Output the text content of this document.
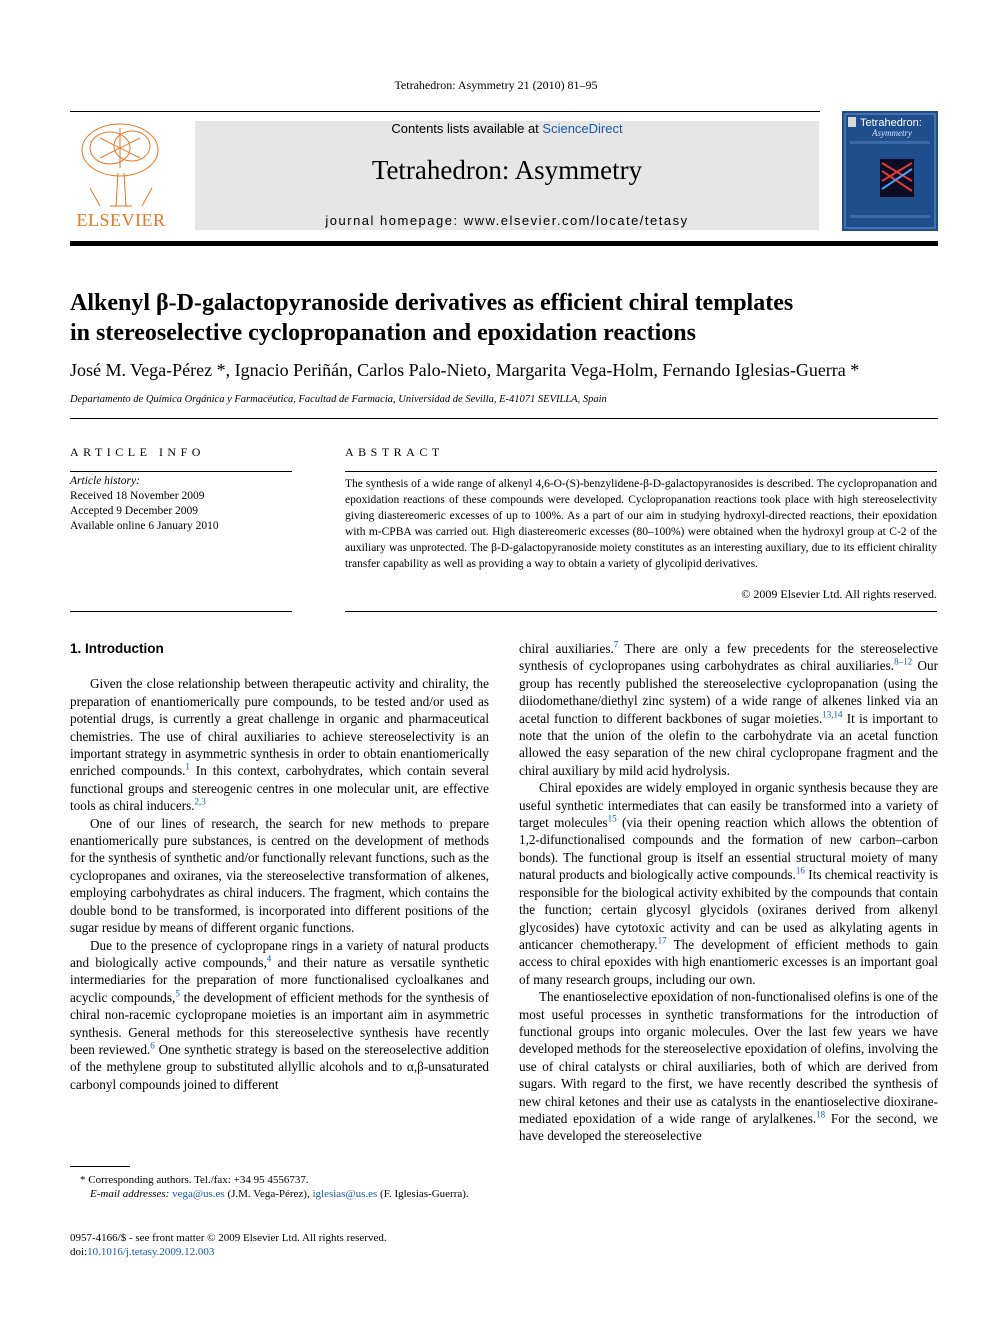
Tetrahedron: Asymmetry 21 (2010) 81–95
ELSEVIER
Contents lists available at ScienceDirect
Tetrahedron: Asymmetry
journal homepage: www.elsevier.com/locate/tetasy
Tetrahedron:
Asymmetry
Alkenyl β-D-galactopyranoside derivatives as efficient chiral templates
in stereoselective cyclopropanation and epoxidation reactions
José M. Vega-Pérez *, Ignacio Periñán, Carlos Palo-Nieto, Margarita Vega-Holm, Fernando Iglesias-Guerra *
Departamento de Química Orgánica y Farmacéutica, Facultad de Farmacia, Universidad de Sevilla, E-41071 SEVILLA, Spain
ARTICLE INFO
Article history:
Received 18 November 2009
Accepted 9 December 2009
Available online 6 January 2010
ABSTRACT
The synthesis of a wide range of alkenyl 4,6-O-(S)-benzylidene-β-D-galactopyranosides is described. The cyclopropanation and epoxidation reactions of these compounds were developed. Cyclopropanation reactions took place with high stereoselectivity giving diastereomeric excesses of up to 100%. As a part of our aim in studying hydroxyl-directed reactions, their epoxidation with m-CPBA was carried out. High diastereomeric excesses (80–100%) were obtained when the hydroxyl group at C-2 of the auxiliary was unprotected. The β-D-galactopyranoside moiety constitutes as an interesting auxiliary, due to its efficient chirality transfer capability as well as providing a way to obtain a variety of glycolipid derivatives.
© 2009 Elsevier Ltd. All rights reserved.
1. Introduction

Given the close relationship between therapeutic activity and chirality, the preparation of enantiomerically pure compounds, to be tested and/or used as potential drugs, is currently a great challenge in organic and pharmaceutical chemistries. The use of chiral auxiliaries to achieve stereoselectivity is an important strategy in asymmetric synthesis in order to obtain enantiomerically enriched compounds.$^1$ In this context, carbohydrates, which contain several functional groups and stereogenic centres in one molecular unit, are effective tools as chiral inducers.$^{2,3}$

One of our lines of research, the search for new methods to prepare enantiomerically pure substances, is centred on the development of methods for the synthesis of synthetic and/or functionally relevant functions, such as the cyclopropanes and oxiranes, via the stereoselective transformation of alkenes, employing carbohydrates as chiral inducers. The fragment, which contains the double bond to be transformed, is incorporated into different positions of the sugar residue by means of different organic functions.

Due to the presence of cyclopropane rings in a variety of natural products and biologically active compounds,$^4$ and their nature as versatile synthetic intermediaries for the preparation of more functionalised cycloalkanes and acyclic compounds,$^5$ the development of efficient methods for the synthesis of chiral non-racemic cyclopropane moieties is an important aim in asymmetric synthesis. General methods for this stereoselective synthesis have recently been reviewed.$^6$ One synthetic strategy is based on the stereoselective addition of the methylene group to substituted allyllic alcohols and to α,β-unsaturated carbonyl compounds joined to different

chiral auxiliaries.$^7$ There are only a few precedents for the stereoselective synthesis of cyclopropanes using carbohydrates as chiral auxiliaries.$^{8-12}$ Our group has recently published the stereoselective cyclopropanation (using the diiodomethane/diethyl zinc system) of a wide range of alkenes linked via an acetal function to different backbones of sugar moieties.$^{13,14}$ It is important to note that the union of the olefin to the carbohydrate via an acetal function allowed the easy separation of the new chiral cyclopropane fragment and the chiral auxiliary by mild acid hydrolysis.

Chiral epoxides are widely employed in organic synthesis because they are useful synthetic intermediates that can easily be transformed into a variety of target molecules$^{15}$ (via their opening reaction which allows the obtention of 1,2-difunctionalised compounds and the formation of new carbon–carbon bonds). The functional group is itself an essential structural moiety of many natural products and biologically active compounds.$^{16}$ Its chemical reactivity is responsible for the biological activity exhibited by the compounds that contain the function; certain glycosyl glycidols (oxiranes derived from alkenyl glycosides) have cytotoxic activity and can be used as alkylating agents in anticancer chemotherapy.$^{17}$ The development of efficient methods to gain access to chiral epoxides with high enantiomeric excesses is an important goal of many research groups, including our own.

The enantioselective epoxidation of non-functionalised olefins is one of the most useful processes in synthetic transformations for the introduction of functional groups into organic molecules. Over the last few years we have developed methods for the stereoselective epoxidation of olefins, involving the use of chiral catalysts or chiral auxiliaries, both of which are derived from sugars. With regard to the first, we have recently described the synthesis of new chiral ketones and their use as catalysts in the enantioselective dioxirane-mediated epoxidation of a wide range of arylalkenes.$^{18}$ For the second, we have developed the stereoselective

* Corresponding authors. Tel./fax: +34 95 4556737.
E-mail addresses: vega@us.es (J.M. Vega-Pérez), iglesias@us.es (F. Iglesias-Guerra).
0957-4166/$ - see front matter © 2009 Elsevier Ltd. All rights reserved.
doi:10.1016/j.tetasy.2009.12.003
